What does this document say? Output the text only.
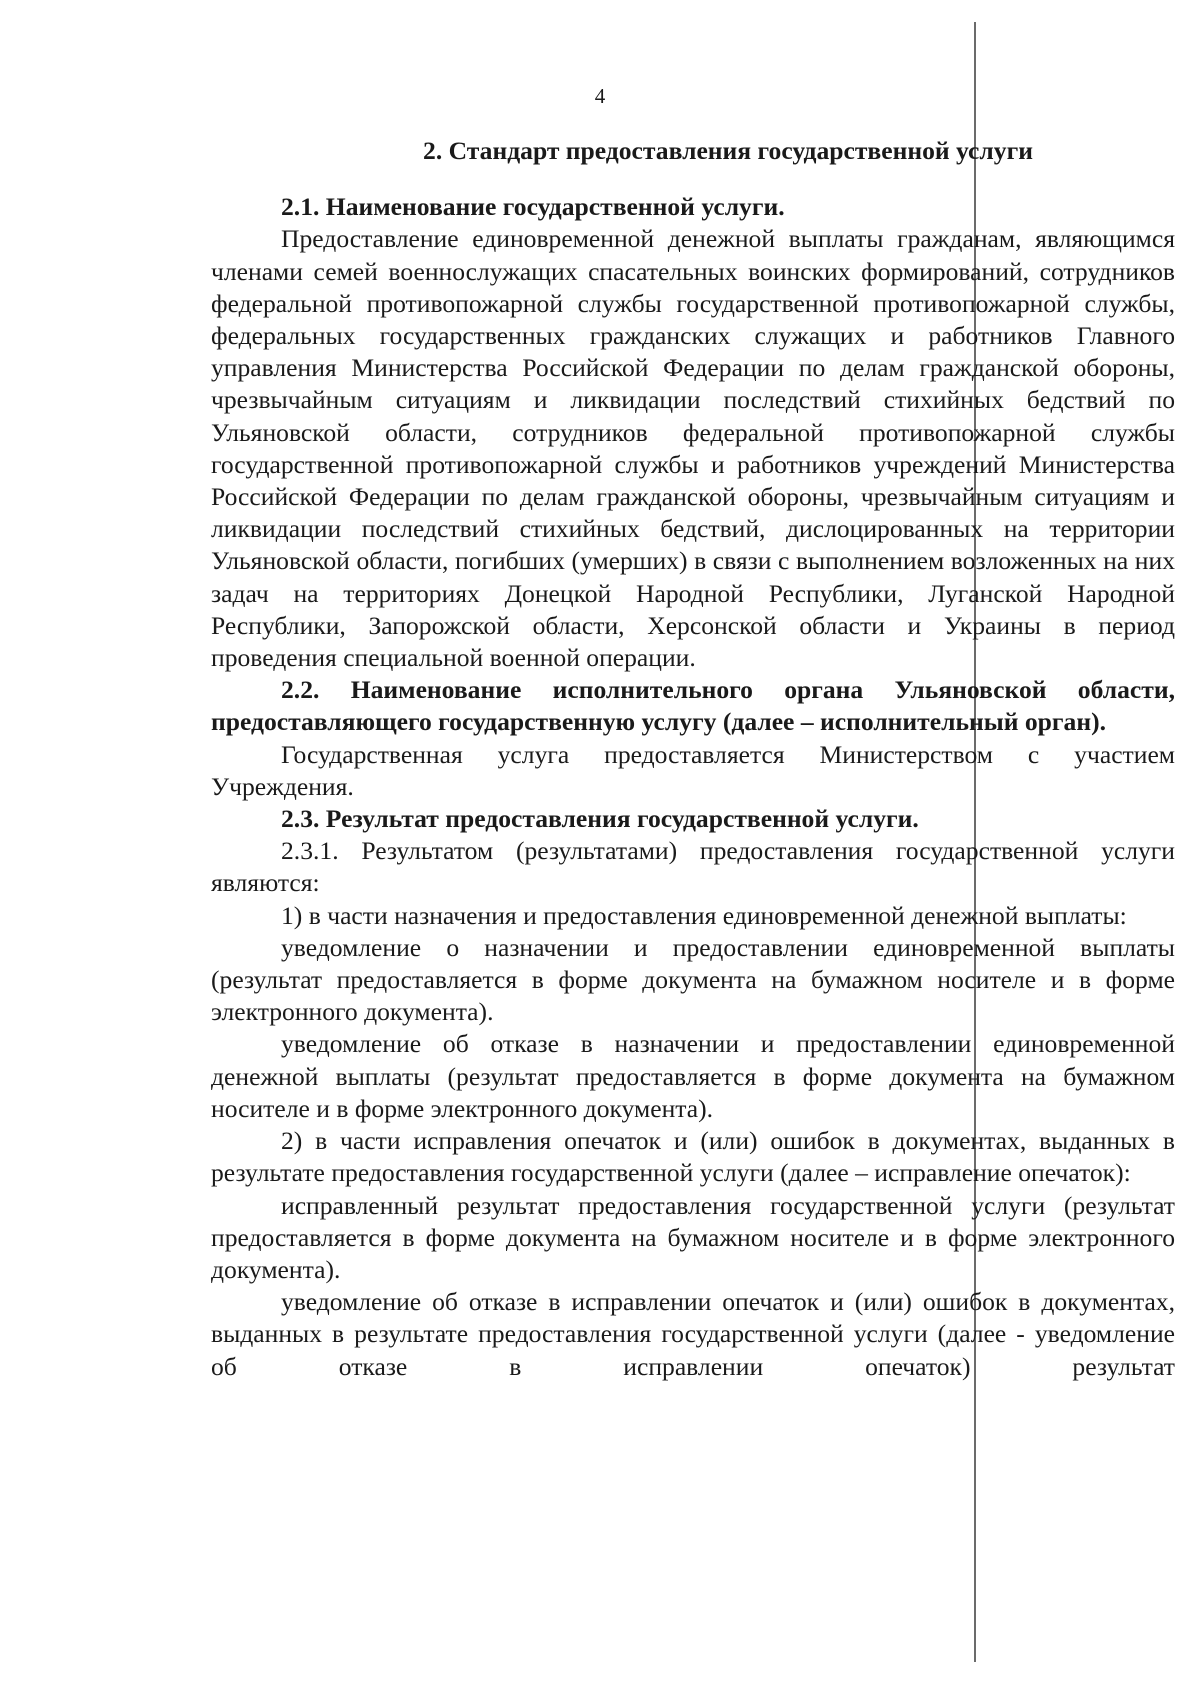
4

2. Стандарт предоставления государственной услуги

2.1. Наименование государственной услуги.

Предоставление единовременной денежной выплаты гражданам, являющимся членами семей военнослужащих спасательных воинских формирований, сотрудников федеральной противопожарной службы государственной противопожарной службы, федеральных государственных гражданских служащих и работников Главного управления Министерства Российской Федерации по делам гражданской обороны, чрезвычайным ситуациям и ликвидации последствий стихийных бедствий по Ульяновской области, сотрудников федеральной противопожарной службы государственной противопожарной службы и работников учреждений Министерства Российской Федерации по делам гражданской обороны, чрезвычайным ситуациям и ликвидации последствий стихийных бедствий, дислоцированных на территории Ульяновской области, погибших (умерших) в связи с выполнением возложенных на них задач на территориях Донецкой Народной Республики, Луганской Народной Республики, Запорожской области, Херсонской области и Украины в период проведения специальной военной операции.

2.2. Наименование исполнительного органа Ульяновской области, предоставляющего государственную услугу (далее – исполнительный орган).

Государственная услуга предоставляется Министерством с участием Учреждения.

2.3. Результат предоставления государственной услуги.

2.3.1. Результатом (результатами) предоставления государственной услуги являются:

1) в части назначения и предоставления единовременной денежной выплаты:

уведомление о назначении и предоставлении единовременной выплаты (результат предоставляется в форме документа на бумажном носителе и в форме электронного документа).

уведомление об отказе в назначении и предоставлении единовременной денежной выплаты (результат предоставляется в форме документа на бумажном носителе и в форме электронного документа).

2) в части исправления опечаток и (или) ошибок в документах, выданных в результате предоставления государственной услуги (далее – исправление опечаток):

исправленный результат предоставления государственной услуги (результат предоставляется в форме документа на бумажном носителе и в форме электронного документа).

уведомление об отказе в исправлении опечаток и (или) ошибок в документах, выданных в результате предоставления государственной услуги (далее - уведомление об отказе в исправлении опечаток) результат
